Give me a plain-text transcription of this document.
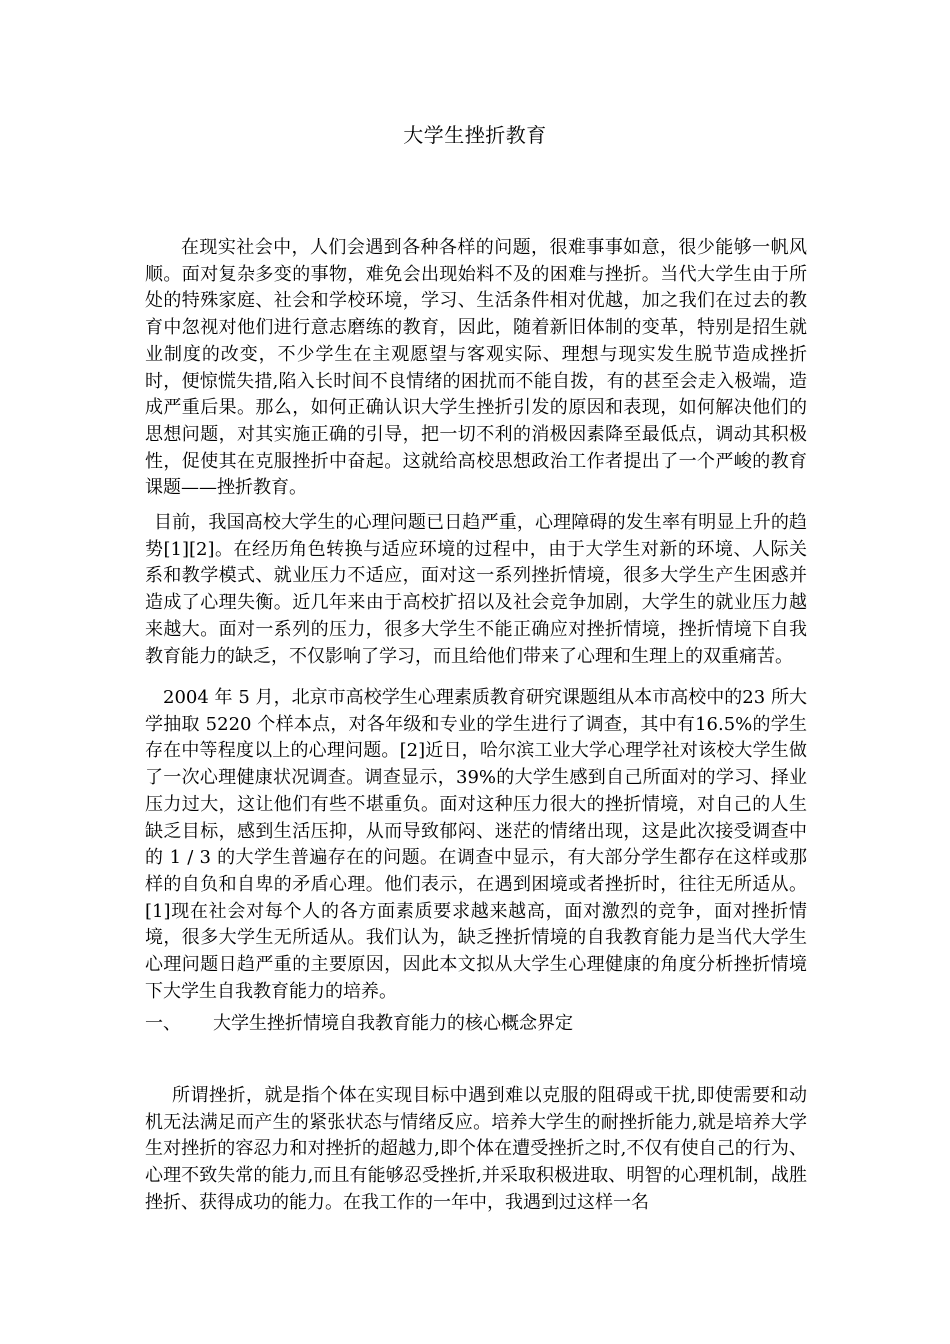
大学生挫折教育

在现实社会中，人们会遇到各种各样的问题，很难事事如意，很少能够一帆风顺。面对复杂多变的事物，难免会出现始料不及的困难与挫折。当代大学生由于所处的特殊家庭、社会和学校环境，学习、生活条件相对优越，加之我们在过去的教育中忽视对他们进行意志磨练的教育，因此，随着新旧体制的变革，特别是招生就业制度的改变，不少学生在主观愿望与客观实际、理想与现实发生脱节造成挫折时，便惊慌失措,陷入长时间不良情绪的困扰而不能自拨，有的甚至会走入极端，造成严重后果。那么，如何正确认识大学生挫折引发的原因和表现，如何解决他们的思想问题，对其实施正确的引导，把一切不利的消极因素降至最低点，调动其积极性，促使其在克服挫折中奋起。这就给高校思想政治工作者提出了一个严峻的教育课题——挫折教育。

目前，我国高校大学生的心理问题已日趋严重，心理障碍的发生率有明显上升的趋势[1][2]。在经历角色转换与适应环境的过程中，由于大学生对新的环境、人际关系和教学模式、就业压力不适应，面对这一系列挫折情境，很多大学生产生困惑并造成了心理失衡。近几年来由于高校扩招以及社会竞争加剧，大学生的就业压力越来越大。面对一系列的压力，很多大学生不能正确应对挫折情境，挫折情境下自我教育能力的缺乏，不仅影响了学习，而且给他们带来了心理和生理上的双重痛苦。

2004 年 5 月，北京市高校学生心理素质教育研究课题组从本市高校中的23 所大学抽取 5220 个样本点，对各年级和专业的学生进行了调查，其中有16.5%的学生存在中等程度以上的心理问题。[2]近日，哈尔滨工业大学心理学社对该校大学生做了一次心理健康状况调查。调查显示，39%的大学生感到自己所面对的学习、择业压力过大，这让他们有些不堪重负。面对这种压力很大的挫折情境，对自己的人生缺乏目标，感到生活压抑，从而导致郁闷、迷茫的情绪出现，这是此次接受调查中的 1 / 3 的大学生普遍存在的问题。在调查中显示，有大部分学生都存在这样或那样的自负和自卑的矛盾心理。他们表示，在遇到困境或者挫折时，往往无所适从。[1]现在社会对每个人的各方面素质要求越来越高，面对激烈的竞争，面对挫折情境，很多大学生无所适从。我们认为，缺乏挫折情境的自我教育能力是当代大学生心理问题日趋严重的主要原因，因此本文拟从大学生心理健康的角度分析挫折情境下大学生自我教育能力的培养。

一、 大学生挫折情境自我教育能力的核心概念界定

所谓挫折，就是指个体在实现目标中遇到难以克服的阻碍或干扰,即使需要和动机无法满足而产生的紧张状态与情绪反应。培养大学生的耐挫折能力,就是培养大学生对挫折的容忍力和对挫折的超越力,即个体在遭受挫折之时,不仅有使自己的行为、心理不致失常的能力,而且有能够忍受挫折,并采取积极进取、明智的心理机制，战胜挫折、获得成功的能力。在我工作的一年中，我遇到过这样一名
